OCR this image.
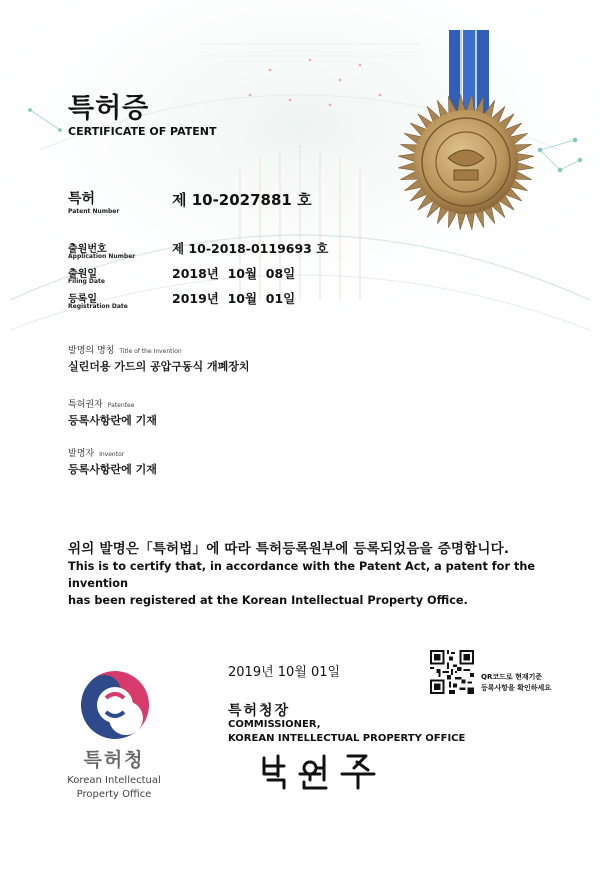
특허증
CERTIFICATE OF PATENT
특허
Patent Number
제 10-2027881 호
출원번호
Application Number
제 10-2018-0119693 호
출원일
Filing Date
2018년  10월  08일
등록일
Registration Date
2019년  10월  01일
발명의 명칭 Title of the Invention
실린더용 가드의 공압구동식 개폐장치
특허권자 Patentee
등록사항란에 기재
발명자 Inventor
등록사항란에 기재
위의 발명은「특허법」에 따라 특허등록원부에 등록되었음을 증명합니다.
This is to certify that, in accordance with the Patent Act, a patent for the invention
has been registered at the Korean Intellectual Property Office.
2019년 10월 01일	QR코드로 현재기준
등록사항을 확인하세요
특허청장
COMMISSIONER,
KOREAN INTELLECTUAL PROPERTY OFFICE
특허청
Korean Intellectual
Property Office
